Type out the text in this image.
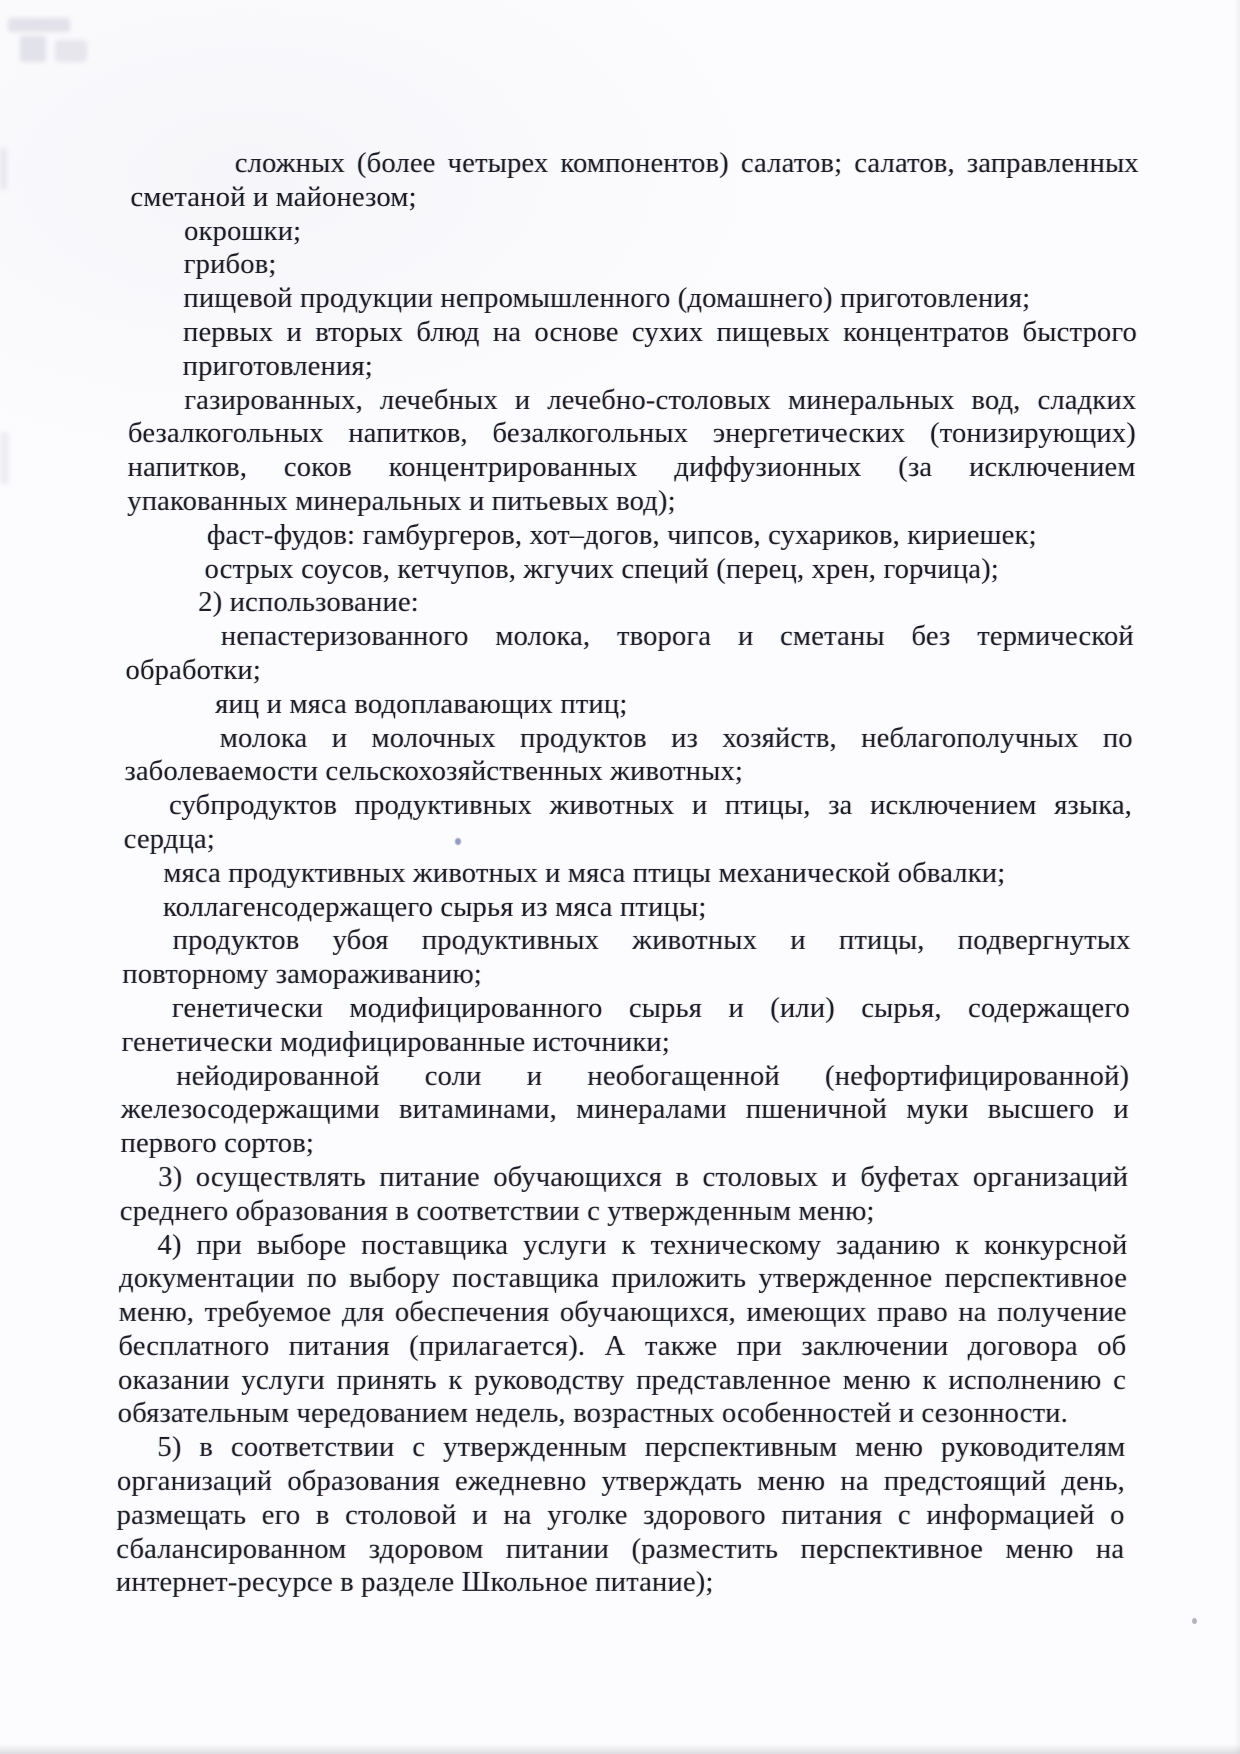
сложных (более четырех компонентов) салатов; салатов, заправленных
сметаной и майонезом;
окрошки;
грибов;
пищевой продукции непромышленного (домашнего) приготовления;
первых и вторых блюд на основе сухих пищевых концентратов быстрого
приготовления;
газированных, лечебных и лечебно-столовых минеральных вод, сладких
безалкогольных напитков, безалкогольных энергетических (тонизирующих)
напитков, соков концентрированных диффузионных (за исключением
упакованных минеральных и питьевых вод);
фаст-фудов: гамбургеров, хот–догов, чипсов, сухариков, кириешек;
острых соусов, кетчупов, жгучих специй (перец, хрен, горчица);
2) использование:
непастеризованного молока, творога и сметаны без термической
обработки;
яиц и мяса водоплавающих птиц;
молока и молочных продуктов из хозяйств, неблагополучных по
заболеваемости сельскохозяйственных животных;
субпродуктов продуктивных животных и птицы, за исключением языка,
сердца;
мяса продуктивных животных и мяса птицы механической обвалки;
коллагенсодержащего сырья из мяса птицы;
продуктов убоя продуктивных животных и птицы, подвергнутых
повторному замораживанию;
генетически модифицированного сырья и (или) сырья, содержащего
генетически модифицированные источники;
нейодированной соли и необогащенной (нефортифицированной)
железосодержащими витаминами, минералами пшеничной муки высшего и
первого сортов;
3) осуществлять питание обучающихся в столовых и буфетах организаций
среднего образования в соответствии с утвержденным меню;
4) при выборе поставщика услуги к техническому заданию к конкурсной
документации по выбору поставщика приложить утвержденное перспективное
меню, требуемое для обеспечения обучающихся, имеющих право на получение
бесплатного питания (прилагается). А также при заключении договора об
оказании услуги принять к руководству представленное меню к исполнению с
обязательным чередованием недель, возрастных особенностей и сезонности.
5) в соответствии с утвержденным перспективным меню руководителям
организаций образования ежедневно утверждать меню на предстоящий день,
размещать его в столовой и на уголке здорового питания с информацией о
сбалансированном здоровом питании (разместить перспективное меню на
интернет-ресурсе в разделе Школьное питание);
